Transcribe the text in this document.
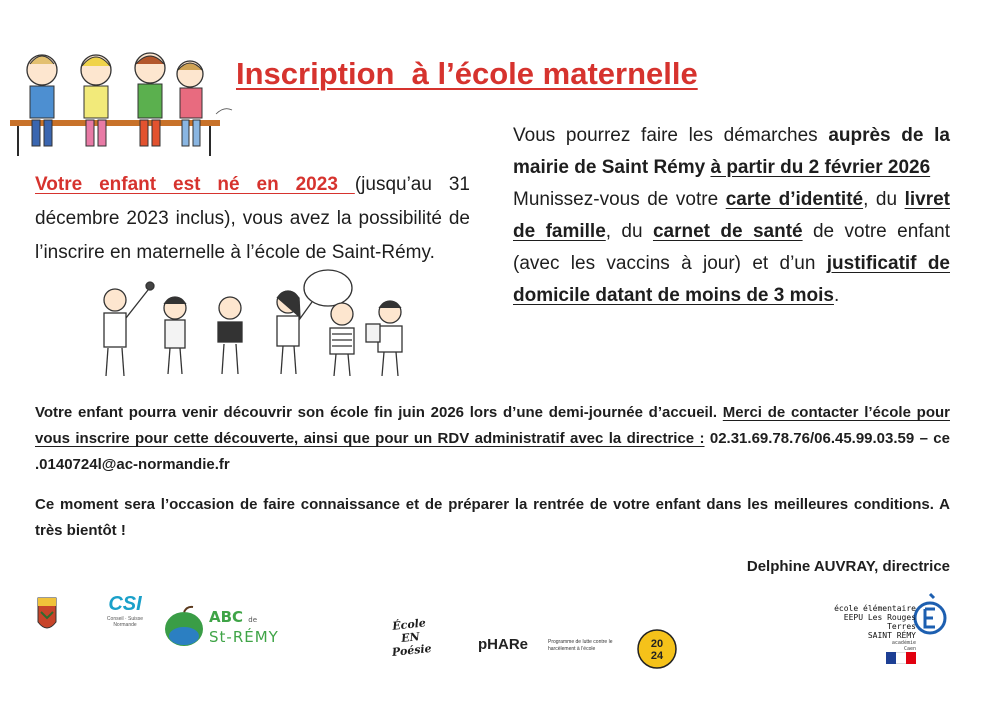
Inscription  à l’école maternelle
Votre enfant est né en 2023 (jusqu’au 31 décembre 2023 inclus), vous avez la possibilité de l’inscrire en maternelle à l’école de Saint-Rémy.
Vous pourrez faire les démarches auprès de la mairie de Saint Rémy à partir du 2 février 2026
Munissez-vous de votre carte d’identité, du livret de famille, du carnet de santé de votre enfant (avec les vaccins à jour) et d’un justificatif de domicile datant de moins de 3 mois.
Votre enfant pourra venir découvrir son école fin juin 2026 lors d’une demi-journée d’accueil. Merci de contacter l’école pour vous inscrire pour cette découverte, ainsi que pour un RDV administratif avec la directrice : 02.31.69.78.76/06.45.99.03.59 – ce .0140724l@ac-normandie.fr
Ce moment sera l’occasion de faire connaissance et de préparer la rentrée de votre enfant dans les meilleures conditions. A très bientôt !
Delphine AUVRAY, directrice
CSI
Conseil · Suisse Normande	ABC de
St-RÉMY
École
EN
Poésie	pHARe	Programme de lutte contre le harcèlement à l’école	20
24
école élémentaire
EEPU Les Rouges Terres
SAINT RÉMY
académie
Caen
